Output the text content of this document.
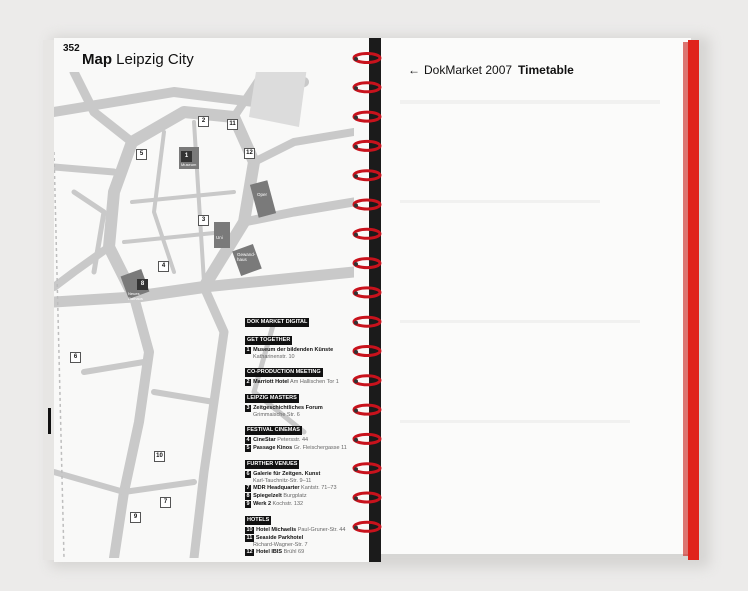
1
Museum
2
3
4
5
6
7
8
Neues Rathaus
9
10
11
12
Oper
Gewand-haus
Uni
352
Map Leipzig City
DOK MARKET DIGITAL
GET TOGETHER
1 Museum der bildenden Künste
Katharinenstr. 10
CO-PRODUCTION MEETING
2 Marriott Hotel Am Hallischen Tor 1
LEIPZIG MASTERS
3 Zeitgeschichtliches Forum
Grimmaische Str. 6
FESTIVAL CINEMAS
4 CineStar Petersstr. 44
5 Passage Kinos Gr. Fleischergasse 11
FURTHER VENUES
6 Galerie für Zeitgen. Kunst
Karl-Tauchnitz-Str. 9–11
7 MDR Headquarter Kantstr. 71–73
8 Spiegelzelt Burgplatz
9 Werk 2 Kochstr. 132
HOTELS
10 Hotel Michaelis Paul-Gruner-Str. 44
11 Seaside Parkhotel
Richard-Wagner-Str. 7
12 Hotel IBIS Brühl 69
← DokMarket 2007 Timetable
